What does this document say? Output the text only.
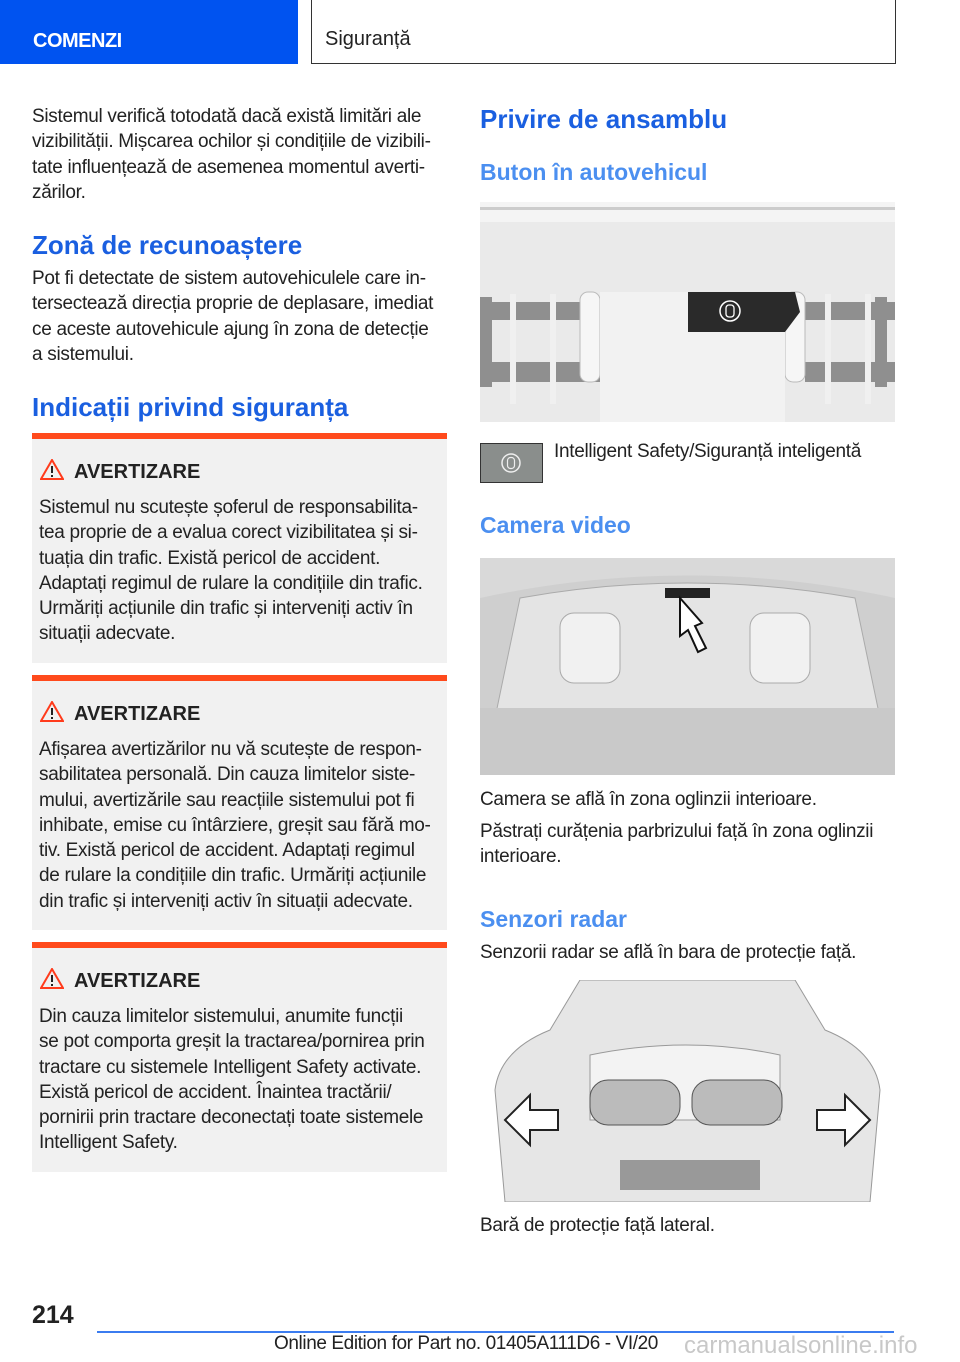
COMENZI	Siguranță
Sistemul verifică totodată dacă există limitări ale
vizibilității. Mișcarea ochilor și condițiile de vizibili-
tate influențează de asemenea momentul averti-
zărilor.
Zonă de recunoaștere
Pot fi detectate de sistem autovehiculele care in-
tersectează direcția proprie de deplasare, imediat
ce aceste autovehicule ajung în zona de detecție
a sistemului.
Indicații privind siguranța
AVERTIZARE
Sistemul nu scutește șoferul de responsabilita-
tea proprie de a evalua corect vizibilitatea și si-
tuația din trafic. Există pericol de accident.
Adaptați regimul de rulare la condițiile din trafic.
Urmăriți acțiunile din trafic și interveniți activ în
situații adecvate.
AVERTIZARE
Afișarea avertizărilor nu vă scutește de respon-
sabilitatea personală. Din cauza limitelor siste-
mului, avertizările sau reacțiile sistemului pot fi
inhibate, emise cu întârziere, greșit sau fără mo-
tiv. Există pericol de accident. Adaptați regimul
de rulare la condițiile din trafic. Urmăriți acțiunile
din trafic și interveniți activ în situații adecvate.
AVERTIZARE
Din cauza limitelor sistemului, anumite funcții
se pot comporta greșit la tractarea/pornirea prin
tractare cu sistemele Intelligent Safety activate.
Există pericol de accident. Înaintea tractării/
pornirii prin tractare deconectați toate sistemele
Intelligent Safety.
Privire de ansamblu
Buton în autovehicul
Intelligent Safety/Siguranță inteligentă
Camera video
Camera se află în zona oglinzii interioare.
Păstrați curățenia parbrizului față în zona oglinzii
interioare.
Senzori radar
Senzorii radar se află în bara de protecție față.
Bară de protecție față lateral.
214
Online Edition for Part no. 01405A111D6 - VI/20 carmanualsonline.info
